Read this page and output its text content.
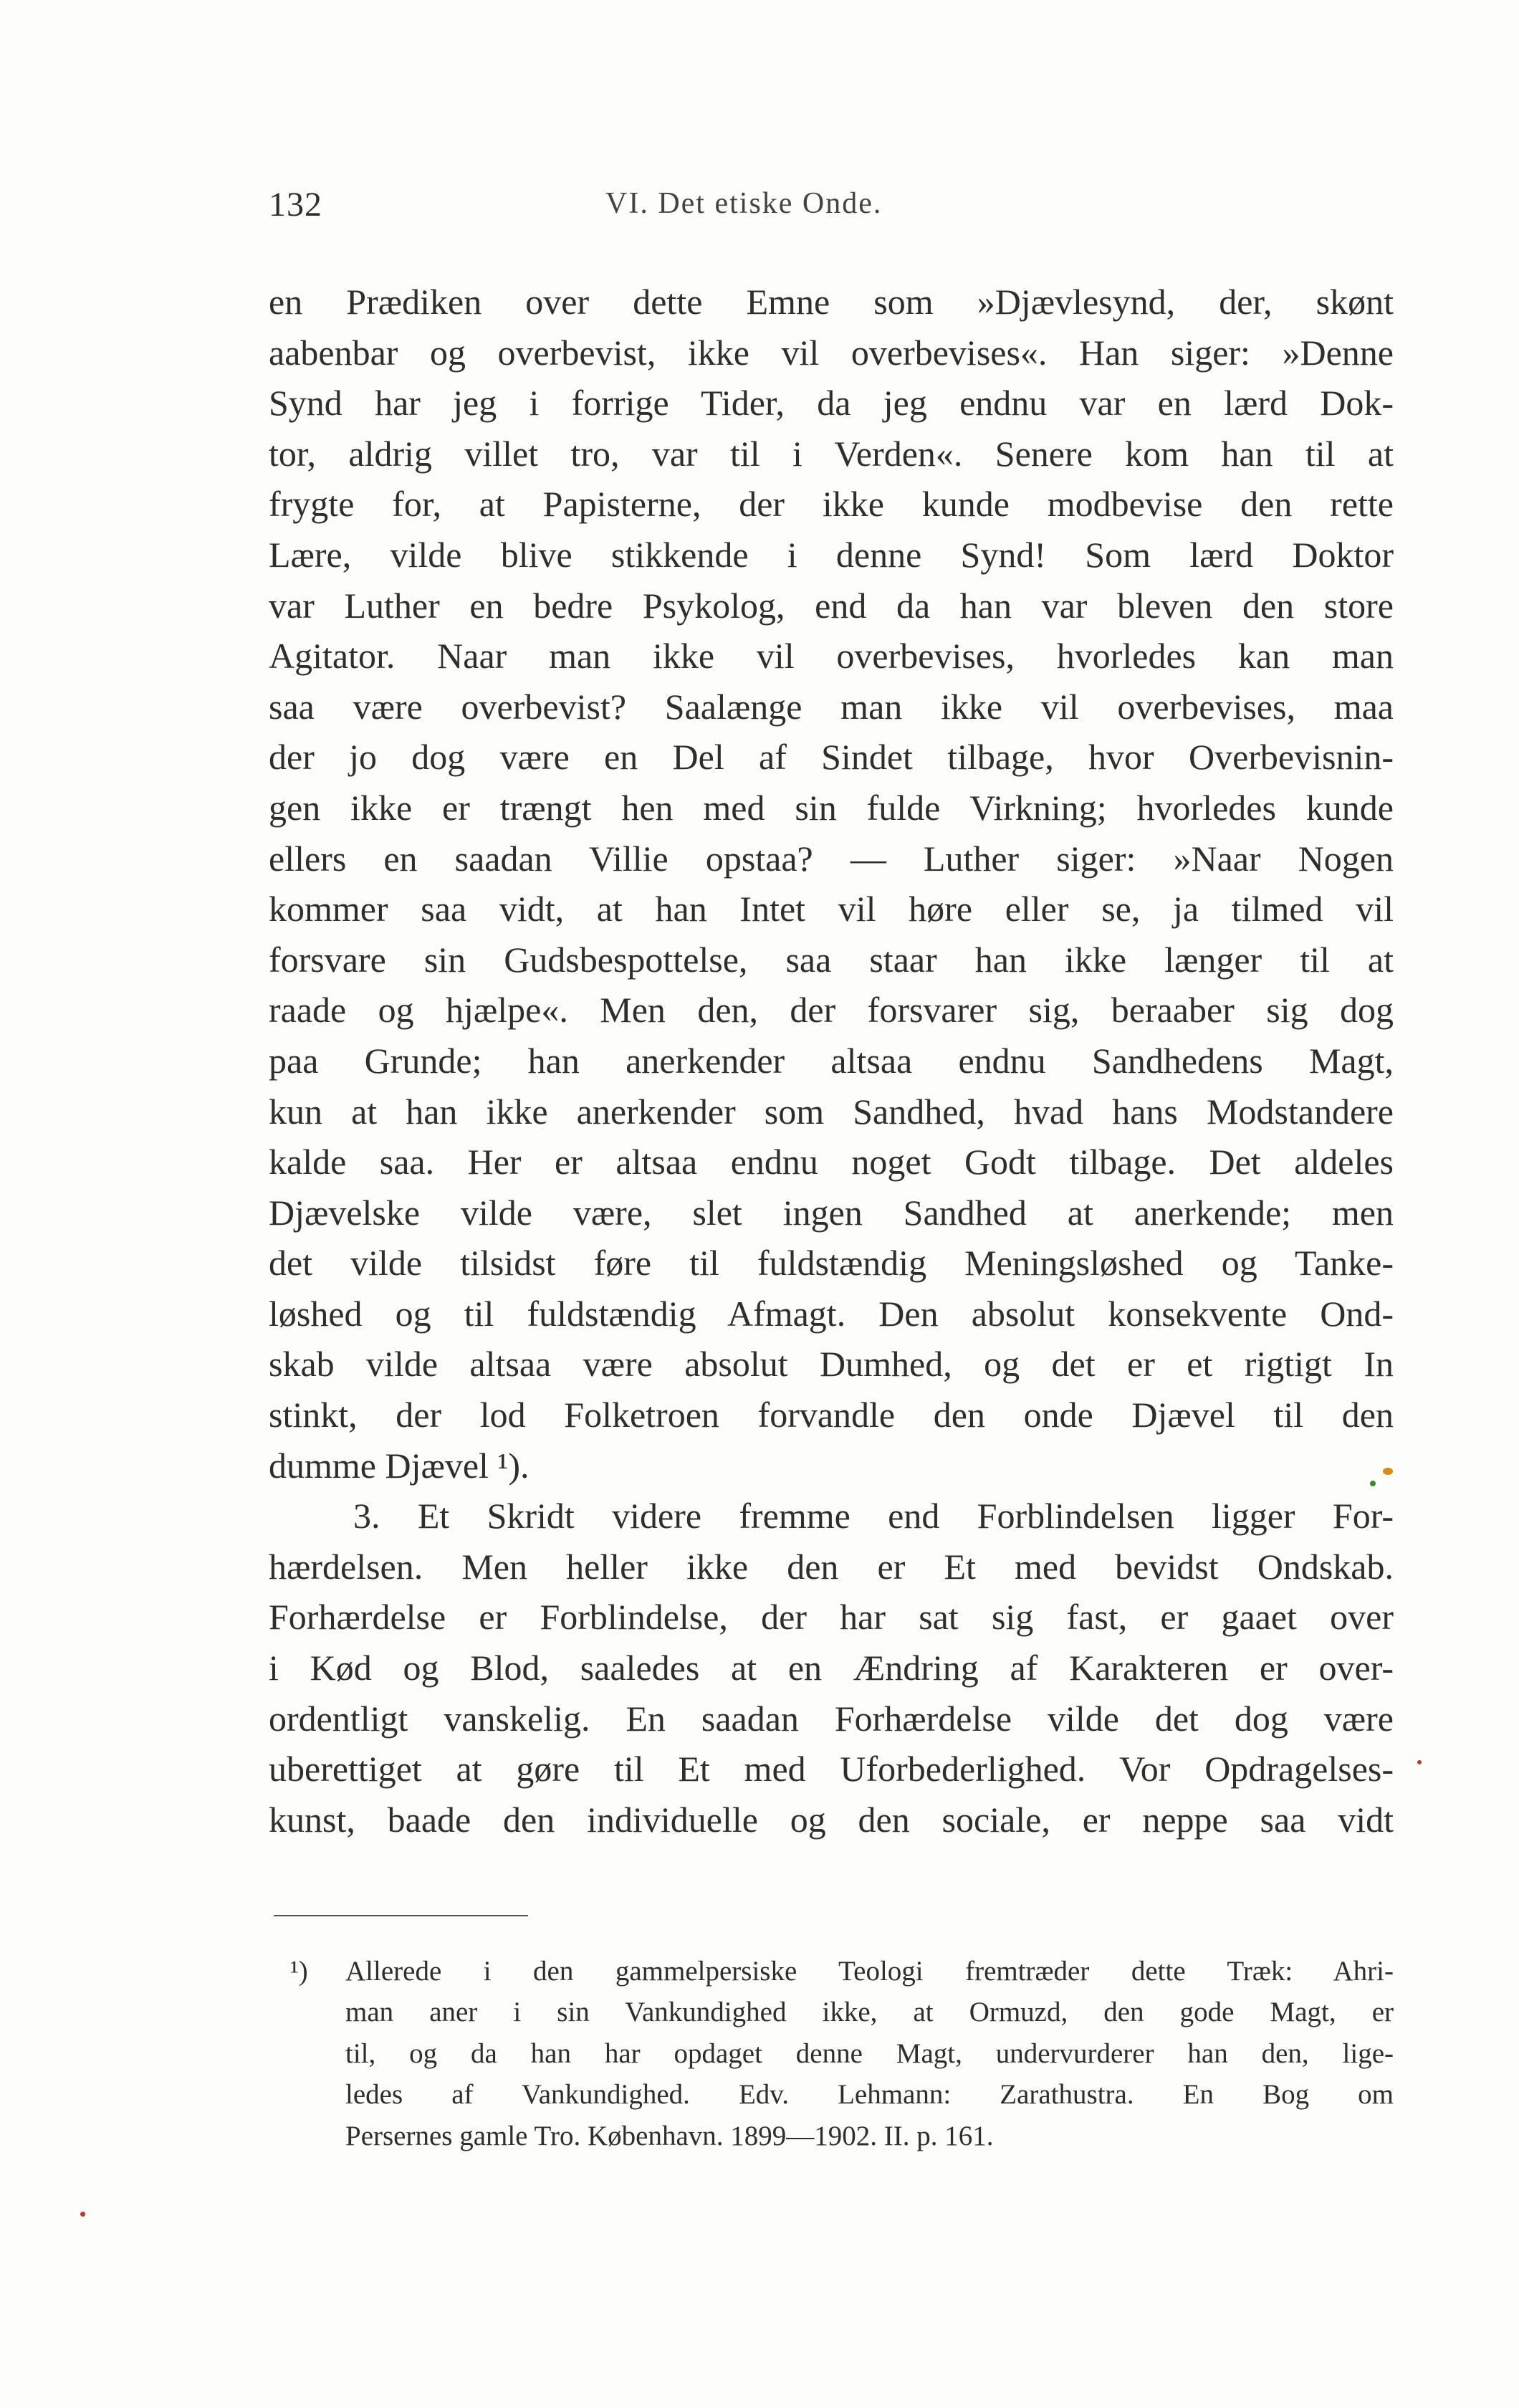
132	VI. Det etiske Onde.
en Prædiken over dette Emne som »Djævlesynd, der, skønt
aabenbar og overbevist, ikke vil overbevises«. Han siger: »Denne
Synd har jeg i forrige Tider, da jeg endnu var en lærd Dok-
tor, aldrig villet tro, var til i Verden«. Senere kom han til at
frygte for, at Papisterne, der ikke kunde modbevise den rette
Lære, vilde blive stikkende i denne Synd! Som lærd Doktor
var Luther en bedre Psykolog, end da han var bleven den store
Agitator. Naar man ikke vil overbevises, hvorledes kan man
saa være overbevist? Saalænge man ikke vil overbevises, maa
der jo dog være en Del af Sindet tilbage, hvor Overbevisnin-
gen ikke er trængt hen med sin fulde Virkning; hvorledes kunde
ellers en saadan Villie opstaa? — Luther siger: »Naar Nogen
kommer saa vidt, at han Intet vil høre eller se, ja tilmed vil
forsvare sin Gudsbespottelse, saa staar han ikke længer til at
raade og hjælpe«. Men den, der forsvarer sig, beraaber sig dog
paa Grunde; han anerkender altsaa endnu Sandhedens Magt,
kun at han ikke anerkender som Sandhed, hvad hans Modstandere
kalde saa. Her er altsaa endnu noget Godt tilbage. Det aldeles
Djævelske vilde være, slet ingen Sandhed at anerkende; men
det vilde tilsidst føre til fuldstændig Meningsløshed og Tanke-
løshed og til fuldstændig Afmagt. Den absolut konsekvente Ond-
skab vilde altsaa være absolut Dumhed, og det er et rigtigt In
stinkt, der lod Folketroen forvandle den onde Djævel til den
dumme Djævel ¹).
3. Et Skridt videre fremme end Forblindelsen ligger For-
hærdelsen. Men heller ikke den er Et med bevidst Ondskab.
Forhærdelse er Forblindelse, der har sat sig fast, er gaaet over
i Kød og Blod, saaledes at en Ændring af Karakteren er over-
ordentligt vanskelig. En saadan Forhærdelse vilde det dog være
uberettiget at gøre til Et med Uforbederlighed. Vor Opdragelses-
kunst, baade den individuelle og den sociale, er neppe saa vidt
¹) Allerede i den gammelpersiske Teologi fremtræder dette Træk: Ahri-
man aner i sin Vankundighed ikke, at Ormuzd, den gode Magt, er
til, og da han har opdaget denne Magt, undervurderer han den, lige-
ledes af Vankundighed. Edv. Lehmann: Zarathustra. En Bog om
Persernes gamle Tro. København. 1899—1902. II. p. 161.
